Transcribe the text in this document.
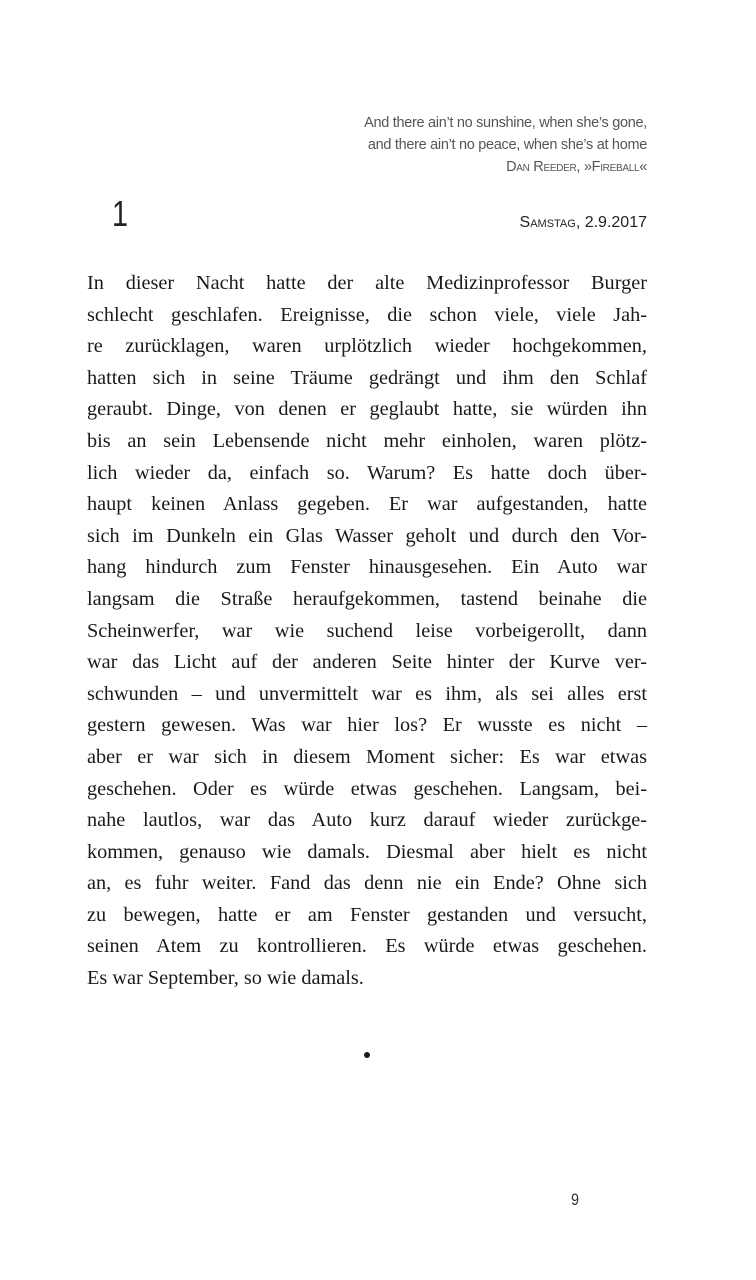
And there ain’t no sunshine, when she’s gone,
and there ain’t no peace, when she’s at home
Dan Reeder, »Fireball«
1	Samstag, 2.9.2017
In dieser Nacht hatte der alte Medizinprofessor Burger
schlecht geschlafen. Ereignisse, die schon viele, viele Jah-
re zurücklagen, waren urplötzlich wieder hochgekommen,
hatten sich in seine Träume gedrängt und ihm den Schlaf
geraubt. Dinge, von denen er geglaubt hatte, sie würden ihn
bis an sein Lebensende nicht mehr einholen, waren plötz-
lich wieder da, einfach so. Warum? Es hatte doch über-
haupt keinen Anlass gegeben. Er war aufgestanden, hatte
sich im Dunkeln ein Glas Wasser geholt und durch den Vor-
hang hindurch zum Fenster hinausgesehen. Ein Auto war
langsam die Straße heraufgekommen, tastend beinahe die
Scheinwerfer, war wie suchend leise vorbeigerollt, dann
war das Licht auf der anderen Seite hinter der Kurve ver-
schwunden – und unvermittelt war es ihm, als sei alles erst
gestern gewesen. Was war hier los? Er wusste es nicht –
aber er war sich in diesem Moment sicher: Es war etwas
geschehen. Oder es würde etwas geschehen. Langsam, bei-
nahe lautlos, war das Auto kurz darauf wieder zurückge-
kommen, genauso wie damals. Diesmal aber hielt es nicht
an, es fuhr weiter. Fand das denn nie ein Ende? Ohne sich
zu bewegen, hatte er am Fenster gestanden und versucht,
seinen Atem zu kontrollieren. Es würde etwas geschehen.
Es war September, so wie damals.
9
